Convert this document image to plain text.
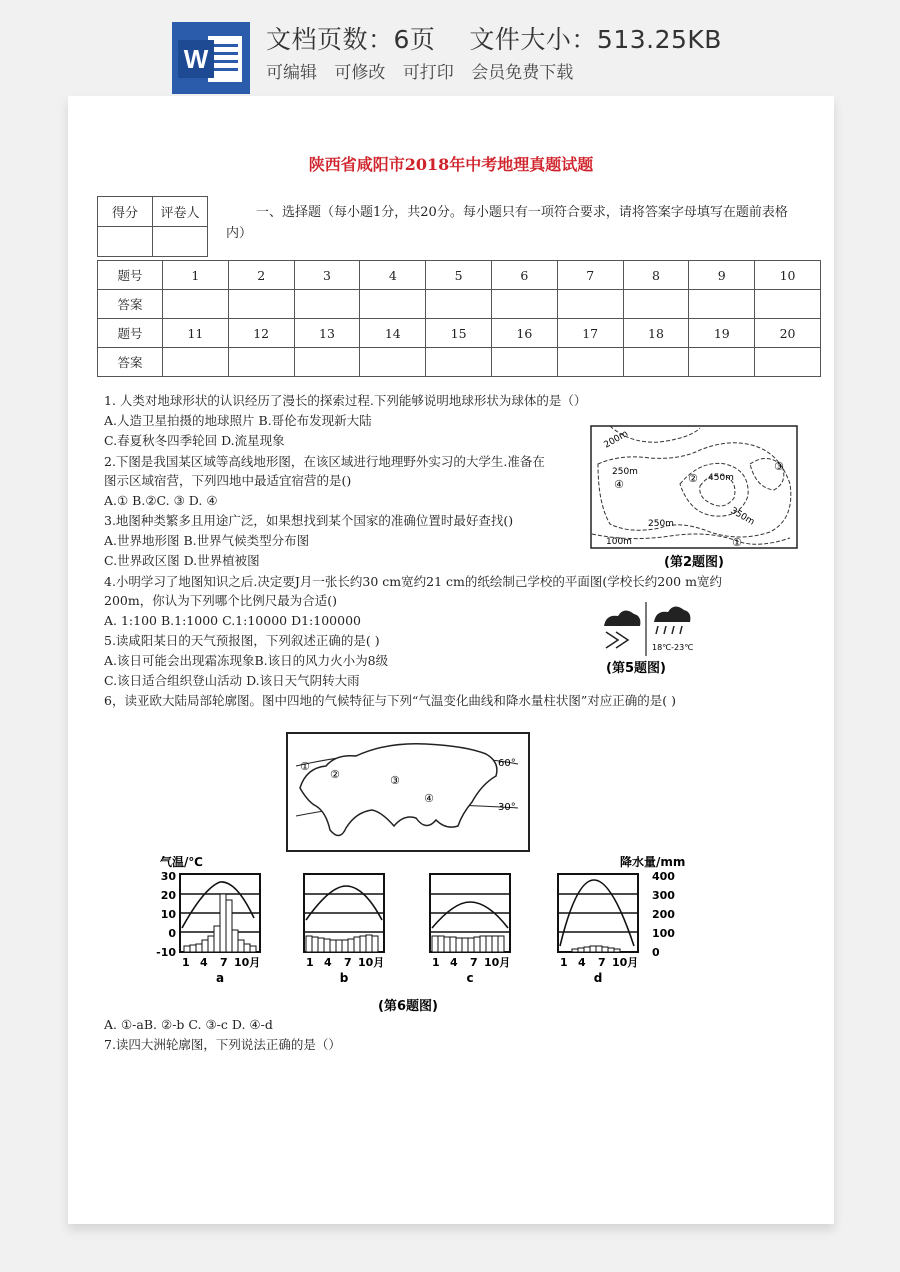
W
文档页数：6页 文件大小：513.25KB
可编辑 可修改 可打印 会员免费下载
陕西省咸阳市2018年中考地理真题试题
得分	评卷人
		一、选择题（每小题1分，共20分。每小题只有一项符合要求，请将答案字母填写在题前表格内）
题号	1	2	3	4	5	6	7	8	9	10
答案										
题号	11	12	13	14	15	16	17	18	19	20
答案										
1. 人类对地球形状的认识经历了漫长的探索过程.下列能够说明地球形状为球体的是（）
A.人造卫星拍摄的地球照片 B.哥伦布发现新大陆
C.春夏秋冬四季轮回 D.流星现象
2.下图是我国某区域等高线地形图，在该区域进行地理野外实习的大学生.准备在
图示区域宿营，下列四地中最适宜宿营的是()
A.① B.②C. ③ D. ④
3.地图种类繁多且用途广泛，如果想找到某个国家的准确位置时最好查找()
A.世界地形图 B.世界气候类型分布图
C.世界政区图 D.世界植被图
4.小明学习了地图知识之后.决定要J月一张长约30 cm宽约21 cm的纸绘制己学校的平面图(学校长约200 m宽约
200m，你认为下列哪个比例尺最为合适()
A. 1:100 B.1:1000 C.1:10000 D1:100000
5.读咸阳某日的天气预报图，下列叙述正确的是( )
A.该日可能会出现霜冻现象B.该日的风力火小为8级
C.该日适合组织登山活动 D.该日天气阴转大雨
6，读亚欧大陆局部轮廓图。图中四地的气候特征与下列“气温变化曲线和降水量柱状图”对应正确的是( )
A. ①-aB. ②-b C. ③-c D. ④-d
7.读四大洲轮廓图，下列说法正确的是（）
200m
250m
450m
350m
250m
100m	①
②
③
④
(第2题图)
18℃-23℃
(第5题图)
①
②	③
④
60°
30°
气温/℃	降水量/mm
30
20
10
0
-10
400
300
200
100
0
1 4 7 10月	1 4 7 10月	1 4 7 10月	1 4 7 10月
a	b	c	d
(第6题图)
